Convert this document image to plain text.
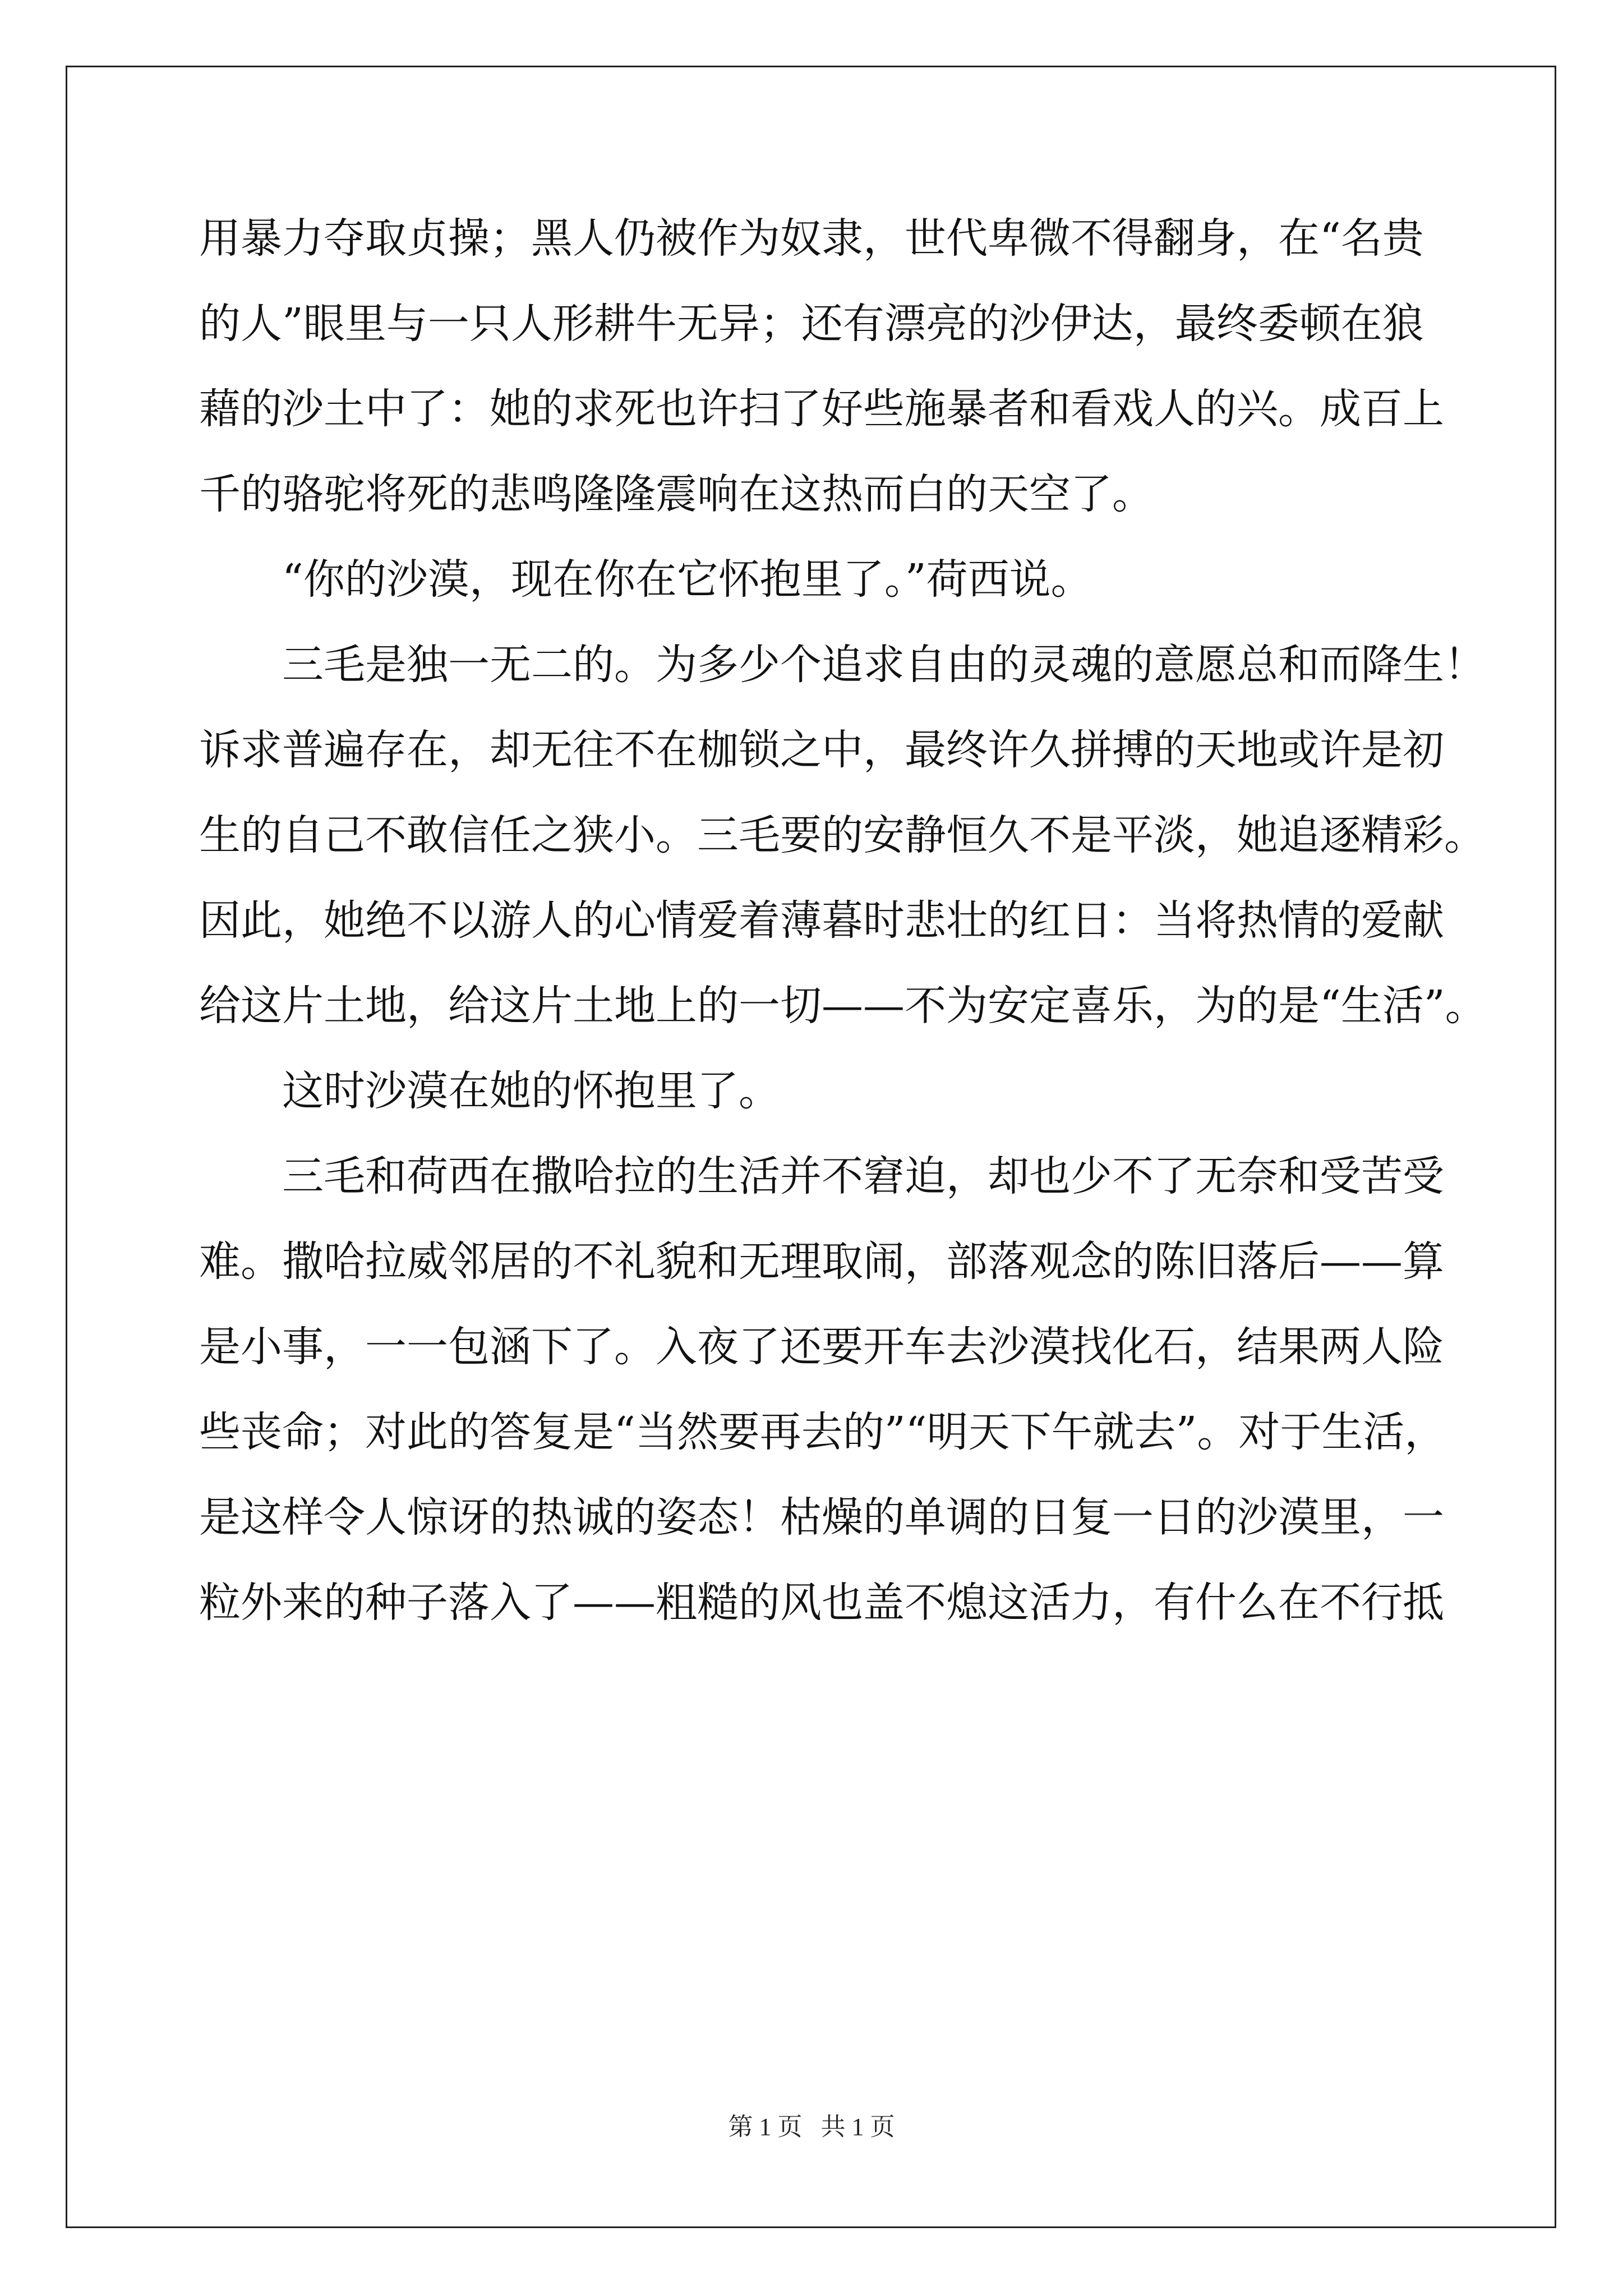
用暴力夺取贞操；黑人仍被作为奴隶，世代卑微不得翻身，在“名贵
的人”眼里与一只人形耕牛无异；还有漂亮的沙伊达，最终委顿在狼
藉的沙土中了：她的求死也许扫了好些施暴者和看戏人的兴。成百上
千的骆驼将死的悲鸣隆隆震响在这热而白的天空了。
“你的沙漠，现在你在它怀抱里了。”荷西说。
三毛是独一无二的。为多少个追求自由的灵魂的意愿总和而降生！
诉求普遍存在，却无往不在枷锁之中，最终许久拼搏的天地或许是初
生的自己不敢信任之狭小。三毛要的安静恒久不是平淡，她追逐精彩。
因此，她绝不以游人的心情爱着薄暮时悲壮的红日：当将热情的爱献
给这片土地，给这片土地上的一切——不为安定喜乐，为的是“生活”。
这时沙漠在她的怀抱里了。
三毛和荷西在撒哈拉的生活并不窘迫，却也少不了无奈和受苦受
难。撒哈拉威邻居的不礼貌和无理取闹，部落观念的陈旧落后——算
是小事，一一包涵下了。入夜了还要开车去沙漠找化石，结果两人险
些丧命；对此的答复是“当然要再去的”“明天下午就去”。对于生活，
是这样令人惊讶的热诚的姿态！枯燥的单调的日复一日的沙漠里，一
粒外来的种子落入了——粗糙的风也盖不熄这活力，有什么在不行抵
第 1 页   共 1 页
